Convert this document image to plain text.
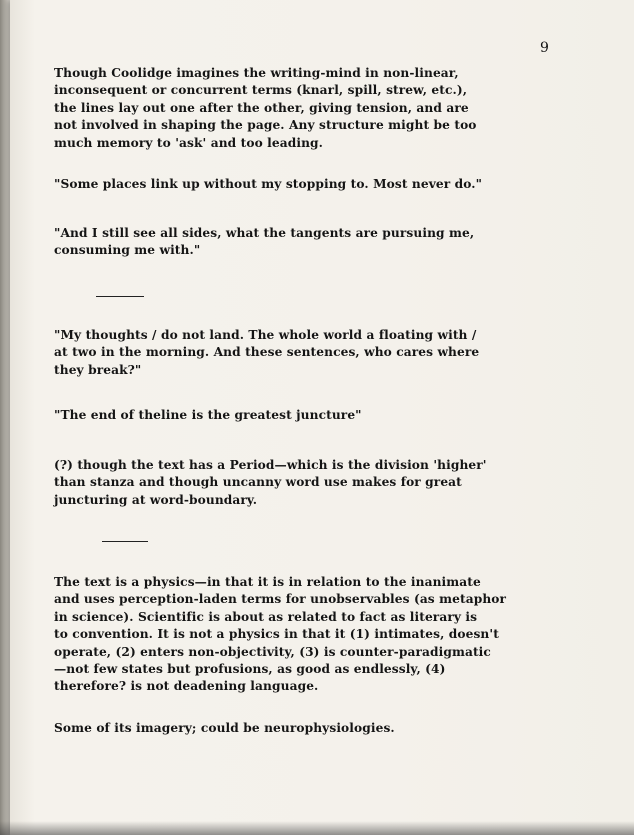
9

Though Coolidge imagines the writing-mind in non-linear,
inconsequent or concurrent terms (knarl, spill, strew, etc.),
the lines lay out one after the other, giving tension, and are
not involved in shaping the page. Any structure might be too
much memory to 'ask' and too leading.

"Some places link up without my stopping to. Most never do."

"And I still see all sides, what the tangents are pursuing me,
consuming me with."

"My thoughts / do not land. The whole world a floating with /
at two in the morning. And these sentences, who cares where
they break?"

"The end of theline is the greatest juncture"

(?) though the text has a Period—which is the division 'higher'
than stanza and though uncanny word use makes for great
juncturing at word-boundary.

The text is a physics—in that it is in relation to the inanimate
and uses perception-laden terms for unobservables (as metaphor
in science). Scientific is about as related to fact as literary is
to convention. It is not a physics in that it (1) intimates, doesn't
operate, (2) enters non-objectivity, (3) is counter-paradigmatic
—not few states but profusions, as good as endlessly, (4)
therefore? is not deadening language.

Some of its imagery; could be neurophysiologies.
